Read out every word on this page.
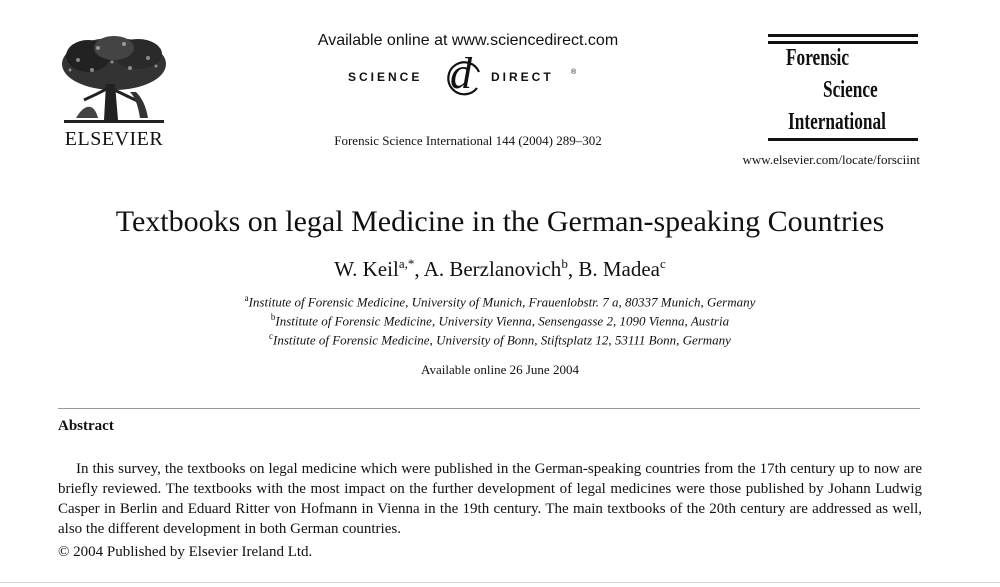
ELSEVIER
Available online at www.sciencedirect.com
SCIENCE d DIRECT ®
Forensic Science International 144 (2004) 289–302
Forensic
Science
International
www.elsevier.com/locate/forsciint
Textbooks on legal Medicine in the German-speaking Countries
W. Keil$^{a,*}$, A. Berzlanovich$^b$, B. Madea$^c$
$^a$Institute of Forensic Medicine, University of Munich, Frauenlobstr. 7 a, 80337 Munich, Germany
$^b$Institute of Forensic Medicine, University Vienna, Sensengasse 2, 1090 Vienna, Austria
$^c$Institute of Forensic Medicine, University of Bonn, Stiftsplatz 12, 53111 Bonn, Germany
Available online 26 June 2004
Abstract

In this survey, the textbooks on legal medicine which were published in the German-speaking countries from the 17th century up to now are briefly reviewed. The textbooks with the most impact on the further development of legal medicines were those published by Johann Ludwig Casper in Berlin and Eduard Ritter von Hofmann in Vienna in the 19th century. The main textbooks of the 20th century are addressed as well, also the different development in both German countries.

© 2004 Published by Elsevier Ireland Ltd.
